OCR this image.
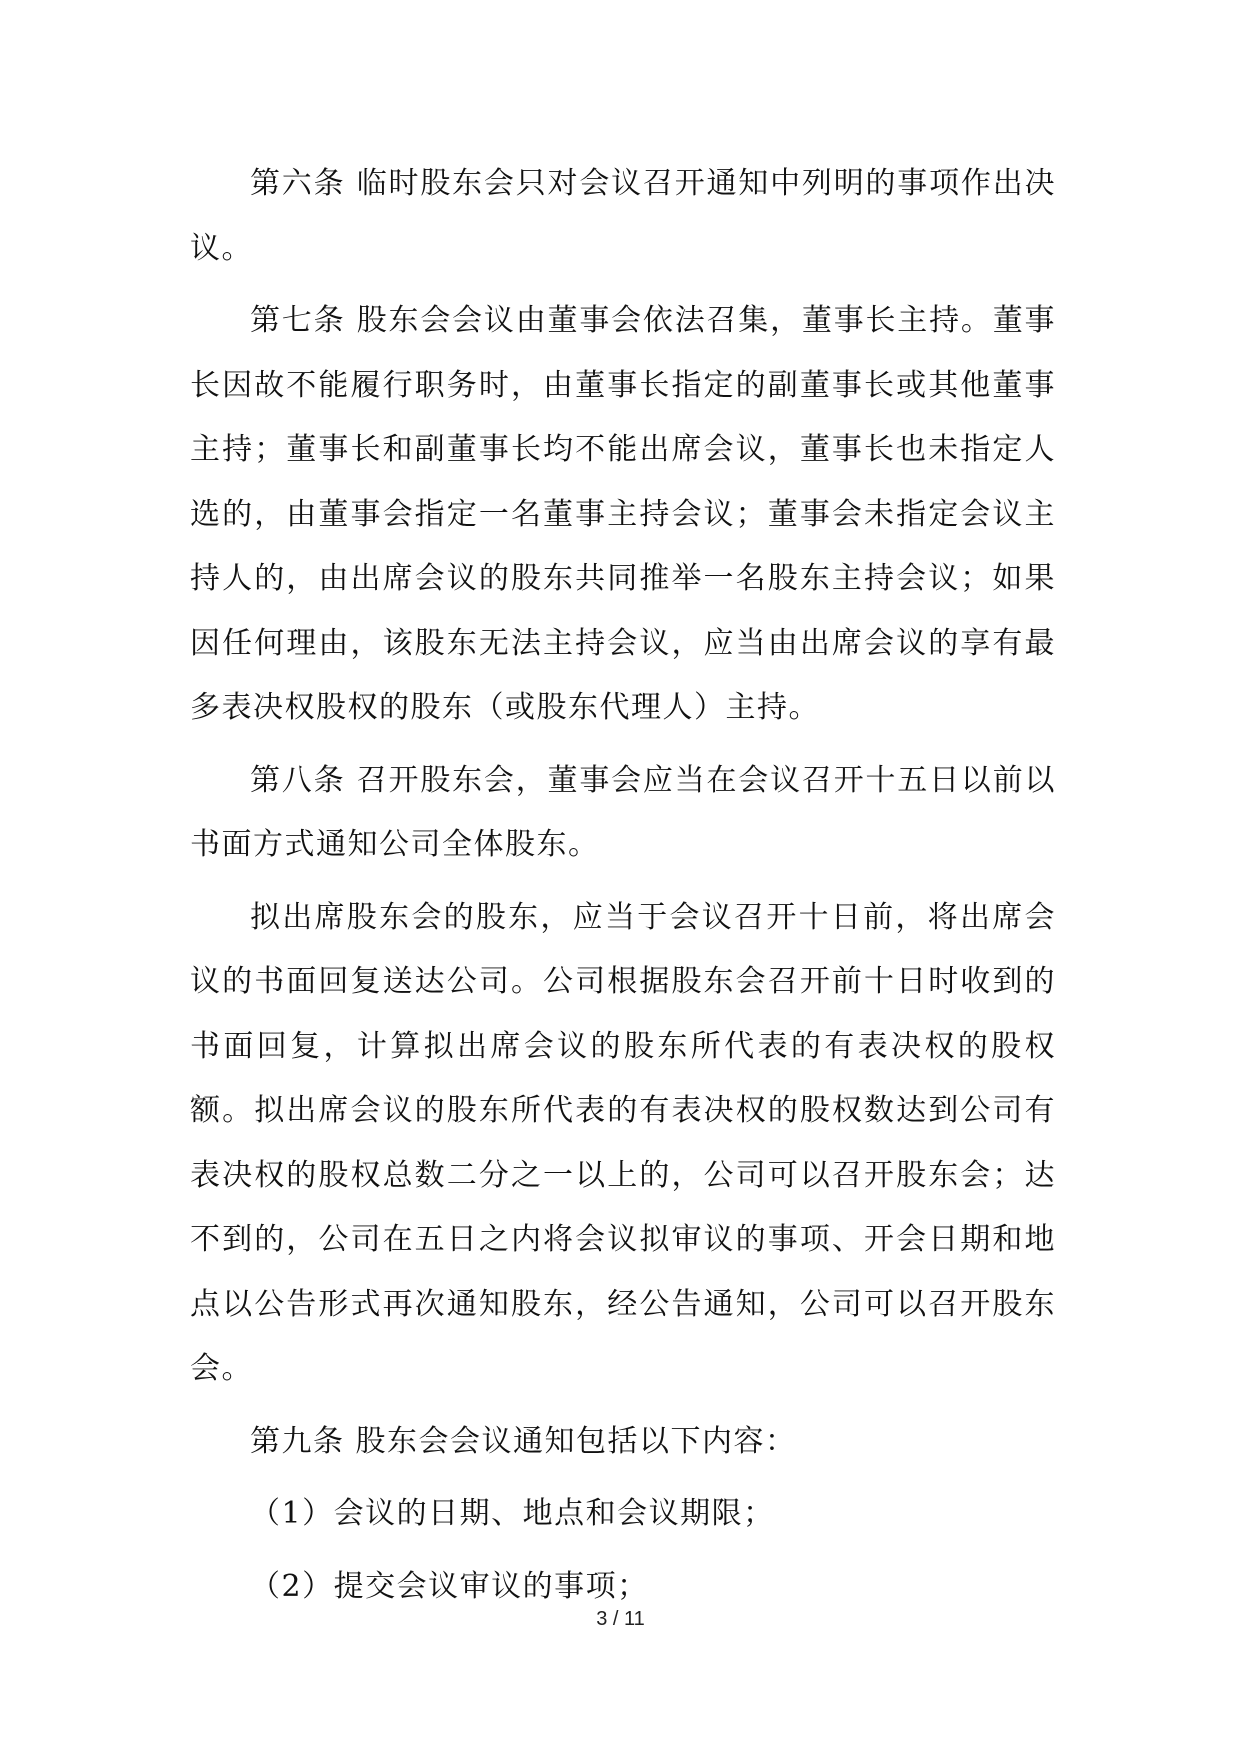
第六条 临时股东会只对会议召开通知中列明的事项作出决议。

第七条 股东会会议由董事会依法召集，董事长主持。董事长因故不能履行职务时，由董事长指定的副董事长或其他董事主持；董事长和副董事长均不能出席会议，董事长也未指定人选的，由董事会指定一名董事主持会议；董事会未指定会议主持人的，由出席会议的股东共同推举一名股东主持会议；如果因任何理由，该股东无法主持会议，应当由出席会议的享有最多表决权股权的股东（或股东代理人）主持。

第八条 召开股东会，董事会应当在会议召开十五日以前以书面方式通知公司全体股东。

拟出席股东会的股东，应当于会议召开十日前，将出席会议的书面回复送达公司。公司根据股东会召开前十日时收到的书面回复，计算拟出席会议的股东所代表的有表决权的股权额。拟出席会议的股东所代表的有表决权的股权数达到公司有表决权的股权总数二分之一以上的，公司可以召开股东会；达不到的，公司在五日之内将会议拟审议的事项、开会日期和地点以公告形式再次通知股东，经公告通知，公司可以召开股东会。

第九条 股东会会议通知包括以下内容：

（1）会议的日期、地点和会议期限；

（2）提交会议审议的事项；

3 / 11
